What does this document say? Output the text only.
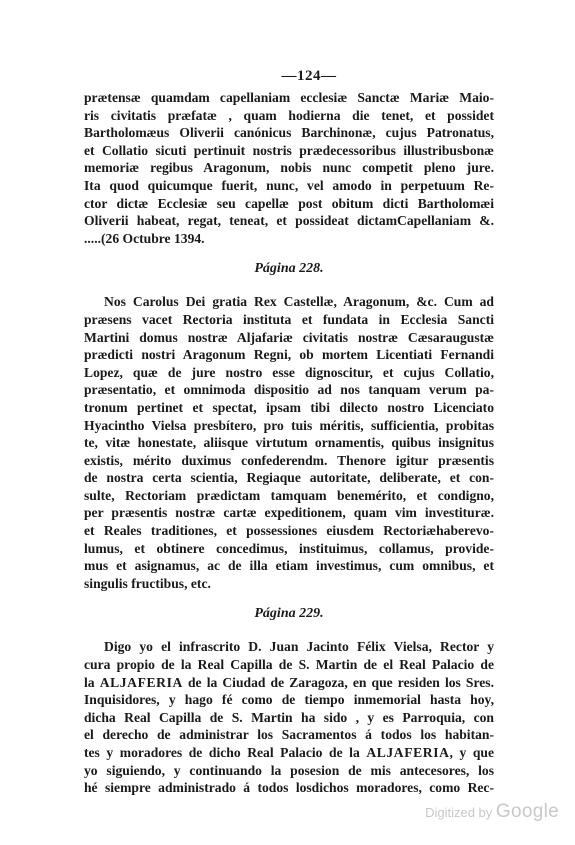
—124—
prætensæ quamdam capellaniam ecclesiæ Sanctæ Mariæ Maio-
ris civitatis præfatæ , quam hodierna die tenet, et possidet
Bartholomæus Oliverii canónicus Barchinonæ, cujus Patronatus,
et Collatio sicuti pertinuit nostris prædecessoribus illustribusbonæ
memoriæ regibus Aragonum, nobis nunc competit pleno jure.
Ita quod quicumque fuerit, nunc, vel amodo in perpetuum Re-
ctor dictæ Ecclesiæ seu capellæ post obitum dicti Bartholomæi
Oliverii habeat, regat, teneat, et possideat dictamCapellaniam &.
.....(26 Octubre 1394.
Página 228.
Nos Carolus Dei gratia Rex Castellæ, Aragonum, &c. Cum ad
præsens vacet Rectoria instituta et fundata in Ecclesia Sancti
Martini domus nostræ Aljafariæ civitatis nostræ Cæsaraugustæ
prædicti nostri Aragonum Regni, ob mortem Licentiati Fernandi
Lopez, quæ de jure nostro esse dignoscitur, et cujus Collatio,
præsentatio, et omnimoda dispositio ad nos tanquam verum pa-
tronum pertinet et spectat, ipsam tibi dilecto nostro Licenciato
Hyacintho Vielsa presbítero, pro tuis méritis, sufficientia, probitas
te, vitæ honestate, aliisque virtutum ornamentis, quibus insignitus
existis, mérito duximus confederendm. Thenore igitur præsentis
de nostra certa scientia, Regiaque autoritate, deliberate, et con-
sulte, Rectoriam prædictam tamquam benemérito, et condigno,
per præsentis nostræ cartæ expeditionem, quam vim investituræ.
et Reales traditiones, et possessiones eiusdem Rectoriæhaberevo-
lumus, et obtinere concedimus, instituimus, collamus, provide-
mus et asignamus, ac de illa etiam investimus, cum omnibus, et
singulis fructibus, etc.
Página 229.
Digo yo el infrascrito D. Juan Jacinto Félix Vielsa, Rector y
cura propio de la Real Capilla de S. Martin de el Real Palacio de
la ALJAFERIA de la Ciudad de Zaragoza, en que residen los Sres.
Inquisidores, y hago fé como de tiempo inmemorial hasta hoy,
dicha Real Capilla de S. Martin ha sido , y es Parroquia, con
el derecho de administrar los Sacramentos á todos los habitan-
tes y moradores de dicho Real Palacio de la ALJAFERIA, y que
yo siguiendo, y continuando la posesion de mis antecesores, los
hé siempre administrado á todos losdichos moradores, como Rec-
Digitized by Google
